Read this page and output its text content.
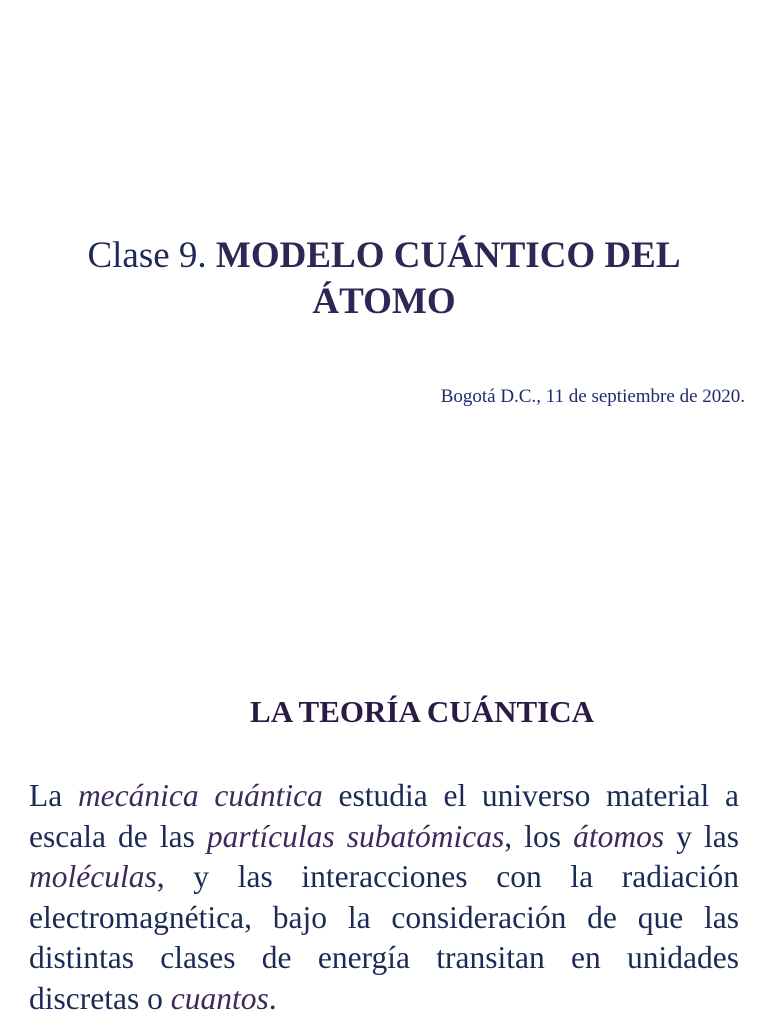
Clase 9. MODELO CUÁNTICO DEL
ÁTOMO
Bogotá D.C., 11 de septiembre de 2020.
LA TEORÍA CUÁNTICA

La mecánica cuántica estudia el universo material a escala de las partículas subatómicas, los átomos y las moléculas, y las interacciones con la radiación electromagnética, bajo la consideración de que las distintas clases de energía transitan en unidades discretas o cuantos.
